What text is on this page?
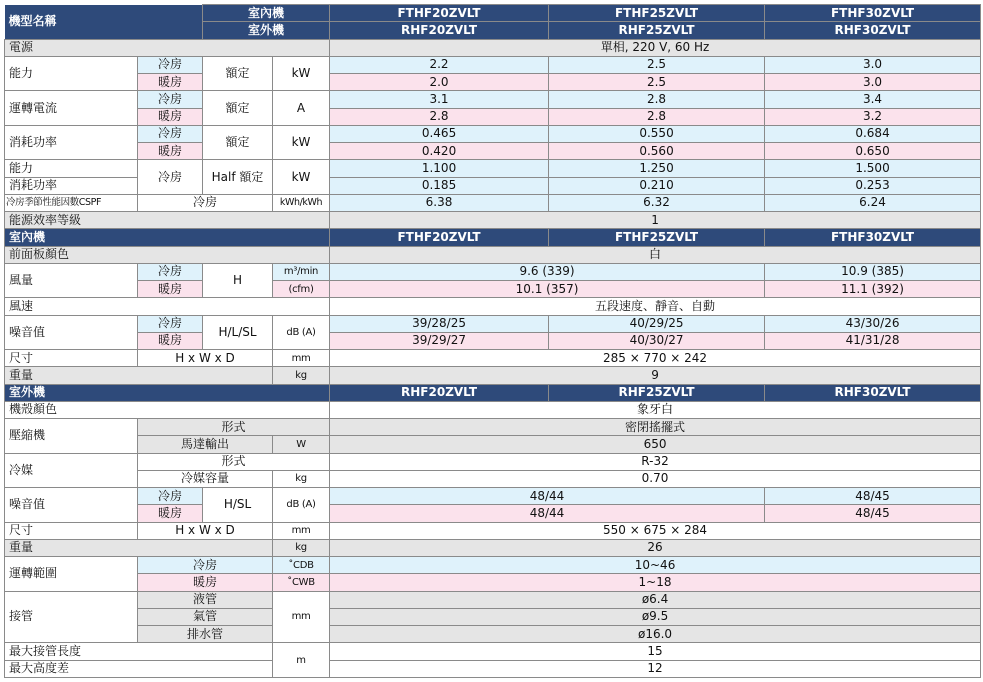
機型名稱		室內機		FTHF20ZVLT	FTHF25ZVLT	FTHF30ZVLT
		室外機		RHF20ZVLT	RHF25ZVLT	RHF30ZVLT
電源				單相, 220 V, 60 Hz		
能力	冷房	額定	kW	2.2	2.5	3.0
	暖房			2.0	2.5	3.0
運轉電流	冷房	額定	A	3.1	2.8	3.4
	暖房			2.8	2.8	3.2
消耗功率	冷房	額定	kW	0.465	0.550	0.684
	暖房			0.420	0.560	0.650
能力	冷房	Half 額定	kW	1.100	1.250	1.500
消耗功率				0.185	0.210	0.253
冷房季節性能因數CSPF	冷房		kWh/kWh	6.38	6.32	6.24
能源效率等級				1		
室內機				FTHF20ZVLT	FTHF25ZVLT	FTHF30ZVLT
前面板顏色				白		
風量	冷房	H	m³/min	9.6 (339)		10.9 (385)
	暖房		(cfm)	10.1 (357)		11.1 (392)
風速				五段速度、靜音、自動		
噪音值	冷房	H/L/SL	dB (A)	39/28/25	40/29/25	43/30/26
	暖房			39/29/27	40/30/27	41/31/28
尺寸	H x W x D		mm	285 × 770 × 242		
重量			kg	9		
室外機				RHF20ZVLT	RHF25ZVLT	RHF30ZVLT
機殼顏色				象牙白		
壓縮機	形式			密閉搖擺式		
	馬達輸出		W	650		
冷媒	形式			R-32		
	冷媒容量		kg	0.70		
噪音值	冷房	H/SL	dB (A)	48/44		48/45
	暖房			48/44		48/45
尺寸	H x W x D		mm	550 × 675 × 284		
重量			kg	26		
運轉範圍	冷房		˚CDB	10~46		
	暖房		˚CWB	1~18		
接管	液管		mm	ø6.4		
	氣管			ø9.5		
	排水管			ø16.0		
最大接管長度			m	15		
最大高度差				12		
